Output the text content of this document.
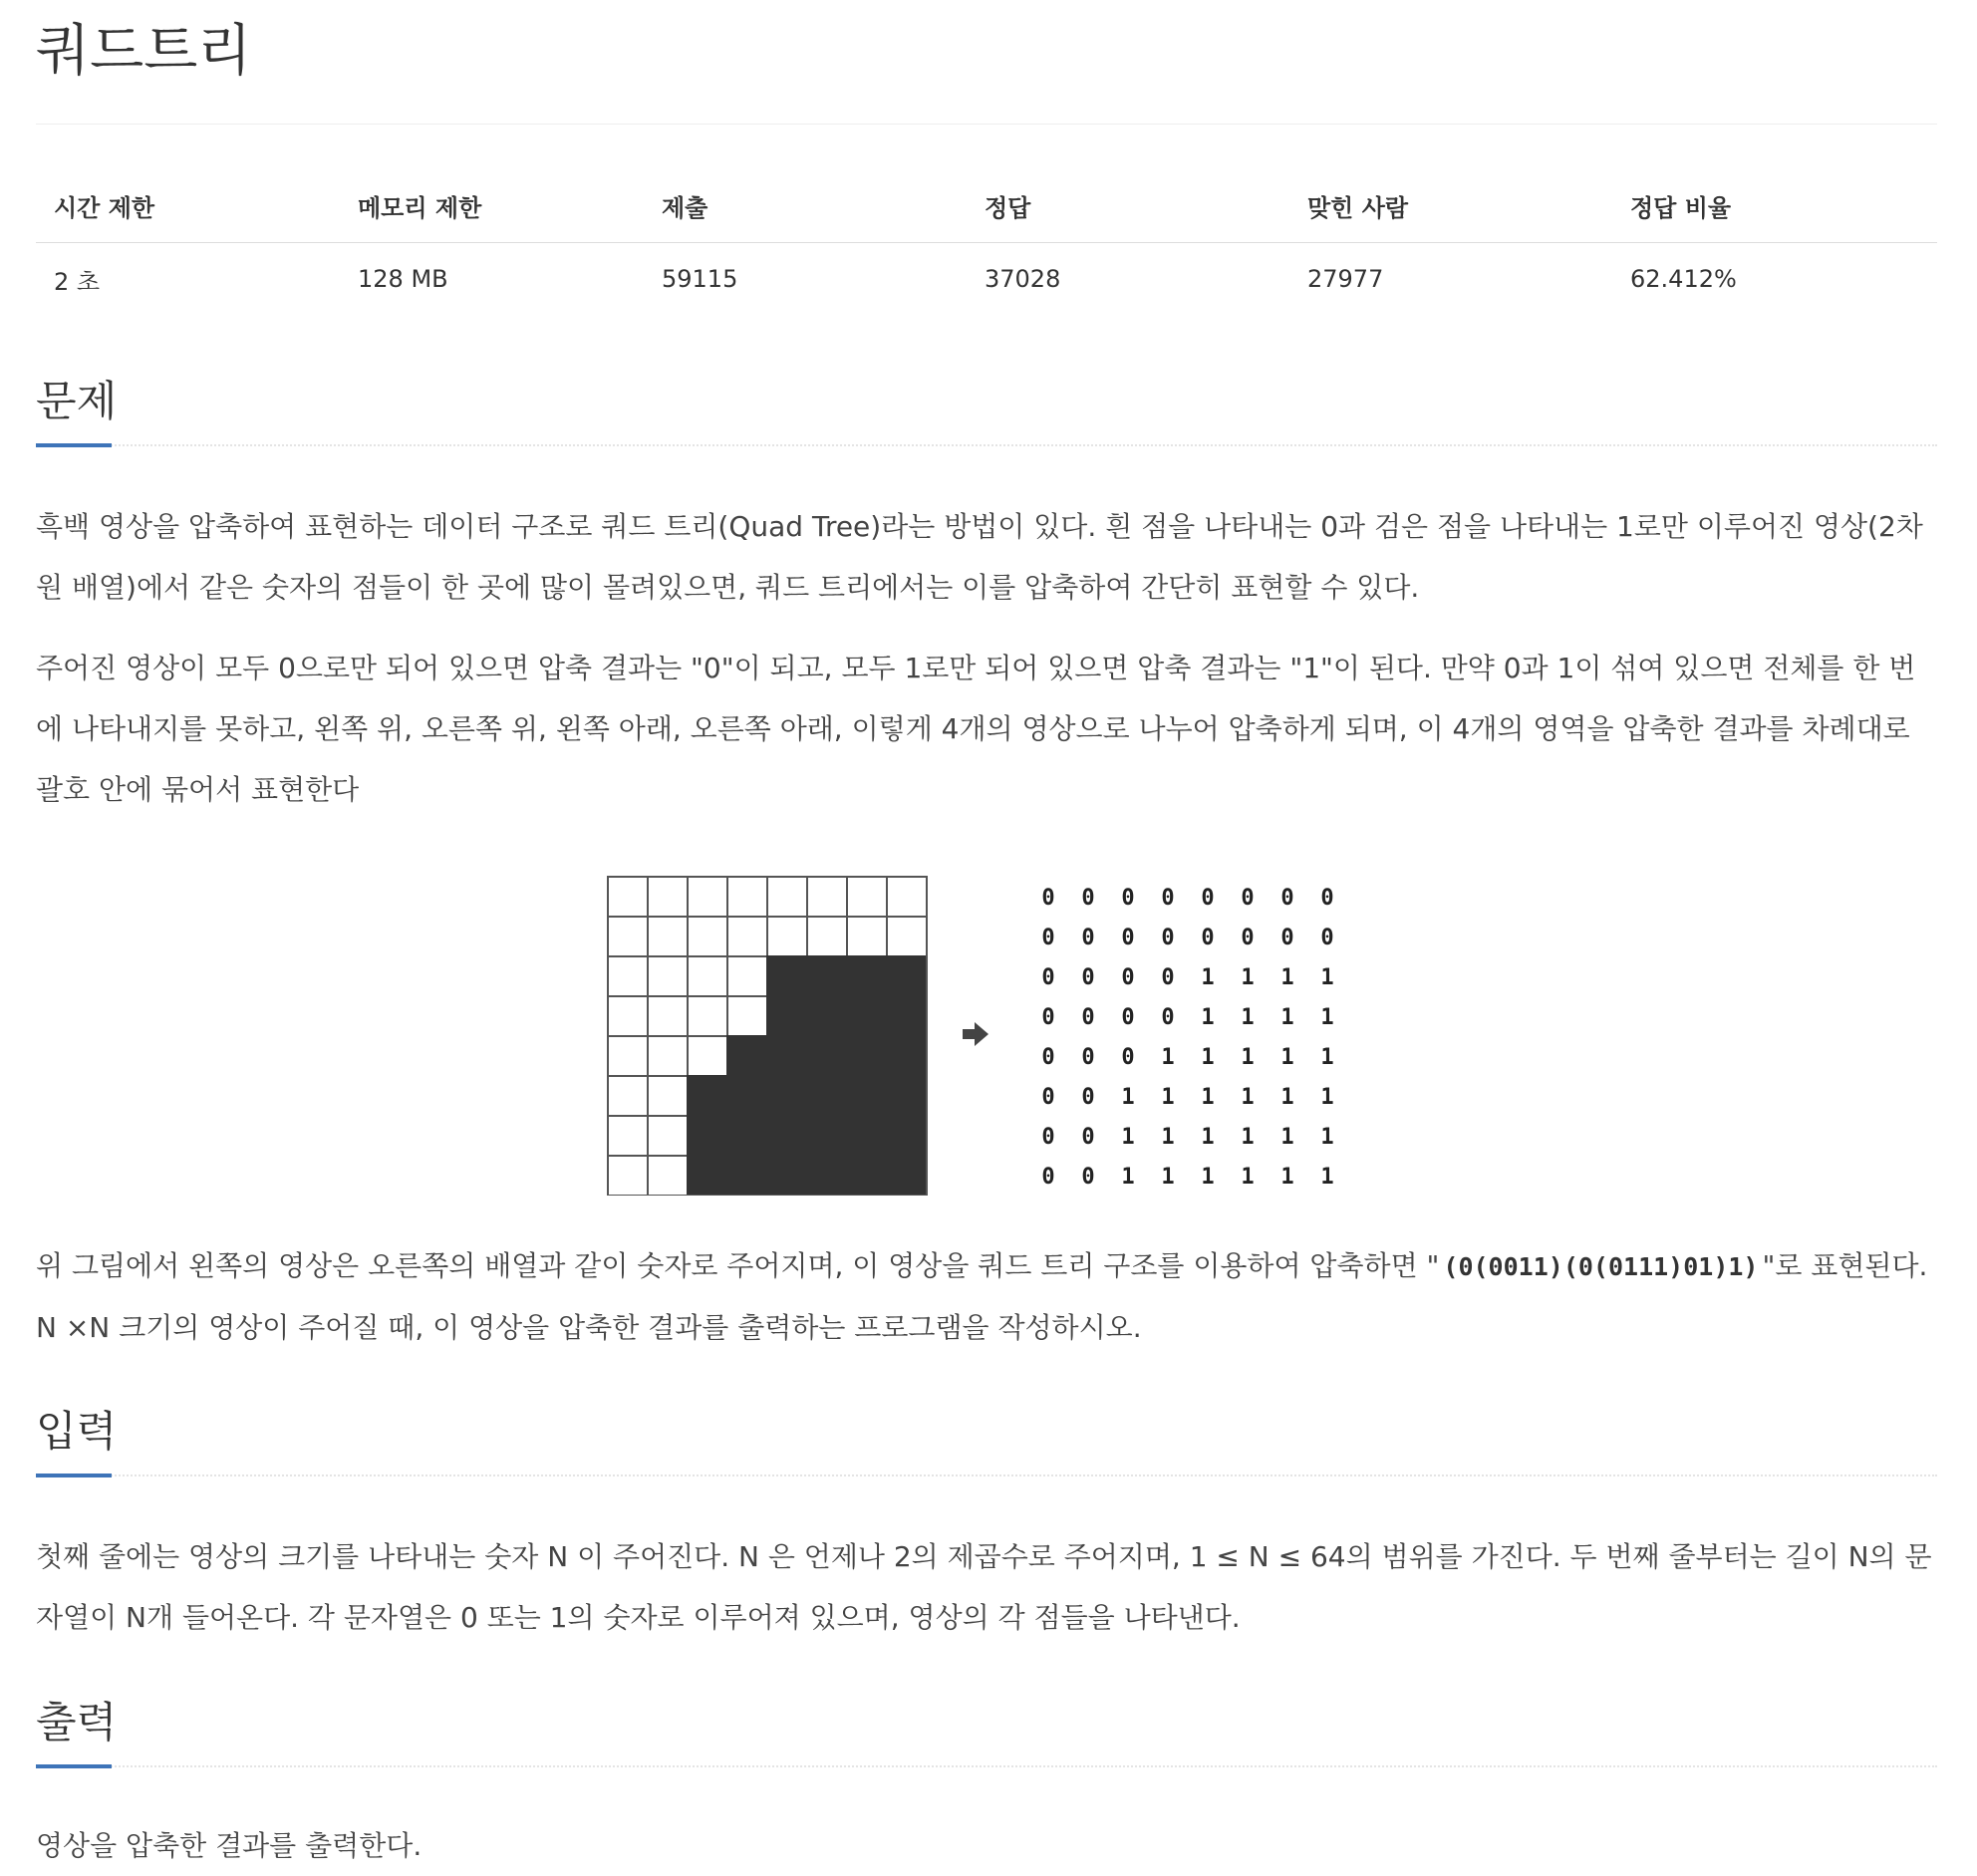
쿼드트리
시간 제한	메모리 제한	제출	정답	맞힌 사람	정답 비율
2 초	128 MB	59115	37028	27977	62.412%
문제

흑백 영상을 압축하여 표현하는 데이터 구조로 쿼드 트리(Quad Tree)라는 방법이 있다. 흰 점을 나타내는 0과 검은 점을 나타내는 1로만 이루어진 영상(2차원 배열)에서 같은 숫자의 점들이 한 곳에 많이 몰려있으면, 쿼드 트리에서는 이를 압축하여 간단히 표현할 수 있다.

주어진 영상이 모두 0으로만 되어 있으면 압축 결과는 "0"이 되고, 모두 1로만 되어 있으면 압축 결과는 "1"이 된다. 만약 0과 1이 섞여 있으면 전체를 한 번에 나타내지를 못하고, 왼쪽 위, 오른쪽 위, 왼쪽 아래, 오른쪽 아래, 이렇게 4개의 영상으로 나누어 압축하게 되며, 이 4개의 영역을 압축한 결과를 차례대로 괄호 안에 묶어서 표현한다

0 0 0 0 0 0 0 0
0 0 0 0 0 0 0 0
0 0 0 0 1 1 1 1
0 0 0 0 1 1 1 1
0 0 0 1 1 1 1 1
0 0 1 1 1 1 1 1
0 0 1 1 1 1 1 1
0 0 1 1 1 1 1 1

위 그림에서 왼쪽의 영상은 오른쪽의 배열과 같이 숫자로 주어지며, 이 영상을 쿼드 트리 구조를 이용하여 압축하면 " (0(0011)(0(0111)01)1) "로 표현된다. N ×N 크기의 영상이 주어질 때, 이 영상을 압축한 결과를 출력하는 프로그램을 작성하시오.

입력

첫째 줄에는 영상의 크기를 나타내는 숫자 N 이 주어진다. N 은 언제나 2의 제곱수로 주어지며, 1 ≤ N ≤ 64의 범위를 가진다. 두 번째 줄부터는 길이 N의 문자열이 N개 들어온다. 각 문자열은 0 또는 1의 숫자로 이루어져 있으며, 영상의 각 점들을 나타낸다.

출력

영상을 압축한 결과를 출력한다.
